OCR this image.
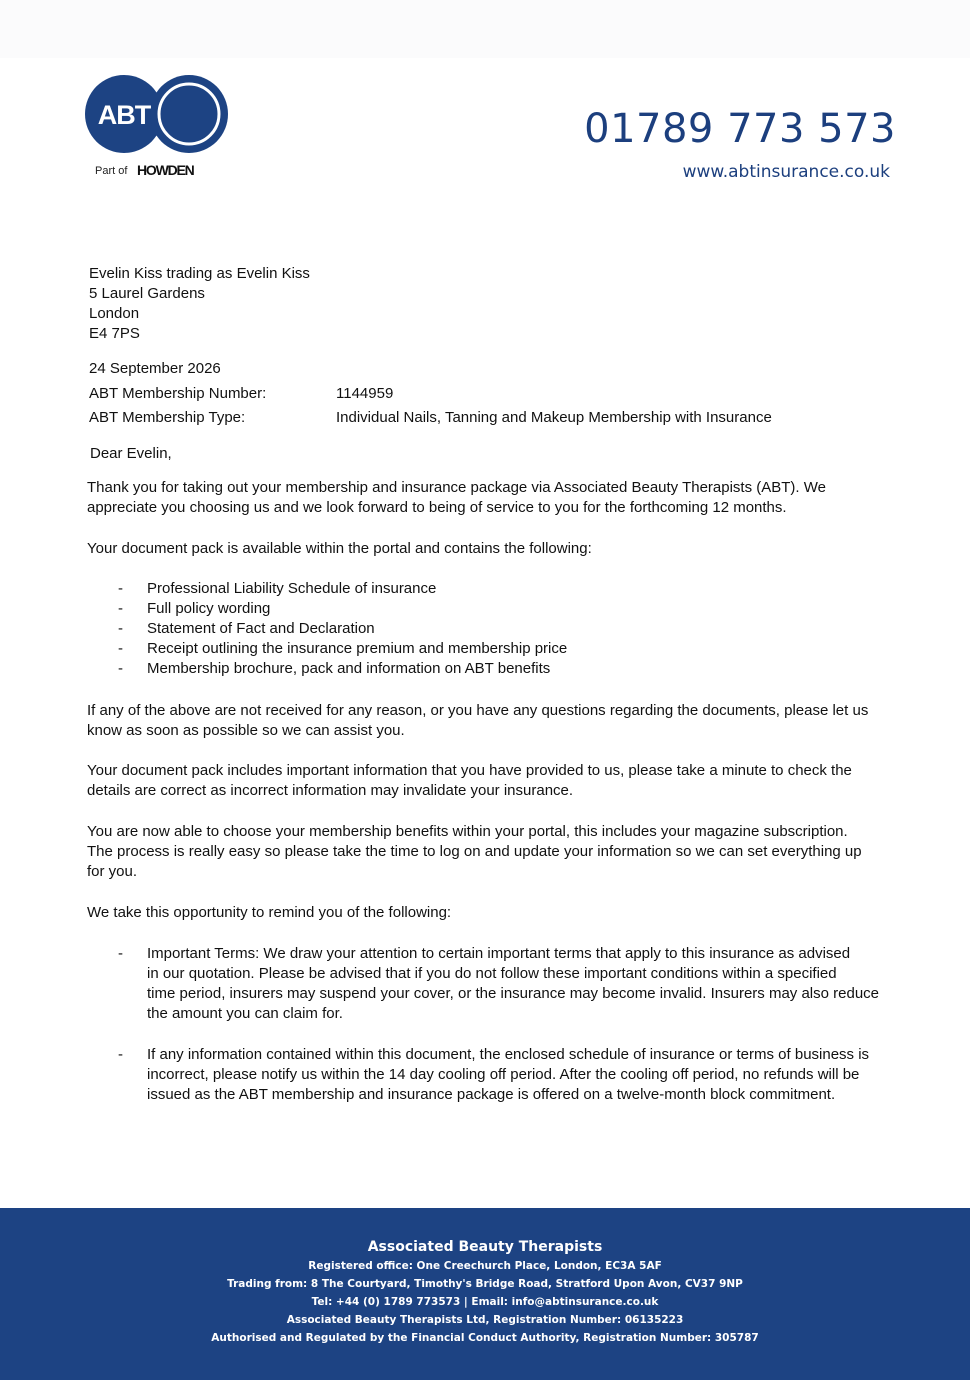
ABT
Part of HOWDEN
01789 773 573
www.abtinsurance.co.uk
Evelin Kiss trading as Evelin Kiss
5 Laurel Gardens
London
E4 7PS
24 September 2026
ABT Membership Number:	1144959
ABT Membership Type:	Individual Nails, Tanning and Makeup Membership with Insurance
Dear Evelin,
Thank you for taking out your membership and insurance package via Associated Beauty Therapists (ABT). We
appreciate you choosing us and we look forward to being of service to you for the forthcoming 12 months.
Your document pack is available within the portal and contains the following:
- Professional Liability Schedule of insurance
- Full policy wording
- Statement of Fact and Declaration
- Receipt outlining the insurance premium and membership price
- Membership brochure, pack and information on ABT benefits
If any of the above are not received for any reason, or you have any questions regarding the documents, please let us
know as soon as possible so we can assist you.
Your document pack includes important information that you have provided to us, please take a minute to check the
details are correct as incorrect information may invalidate your insurance.
You are now able to choose your membership benefits within your portal, this includes your magazine subscription.
The process is really easy so please take the time to log on and update your information so we can set everything up
for you.
We take this opportunity to remind you of the following:
- Important Terms: We draw your attention to certain important terms that apply to this insurance as advised
in our quotation. Please be advised that if you do not follow these important conditions within a specified
time period, insurers may suspend your cover, or the insurance may become invalid. Insurers may also reduce
the amount you can claim for.
- If any information contained within this document, the enclosed schedule of insurance or terms of business is
incorrect, please notify us within the 14 day cooling off period. After the cooling off period, no refunds will be
issued as the ABT membership and insurance package is offered on a twelve-month block commitment.
Associated Beauty Therapists
Registered office: One Creechurch Place, London, EC3A 5AF
Trading from: 8 The Courtyard, Timothy's Bridge Road, Stratford Upon Avon, CV37 9NP
Tel: +44 (0) 1789 773573 | Email: info@abtinsurance.co.uk
Associated Beauty Therapists Ltd, Registration Number: 06135223
Authorised and Regulated by the Financial Conduct Authority, Registration Number: 305787
